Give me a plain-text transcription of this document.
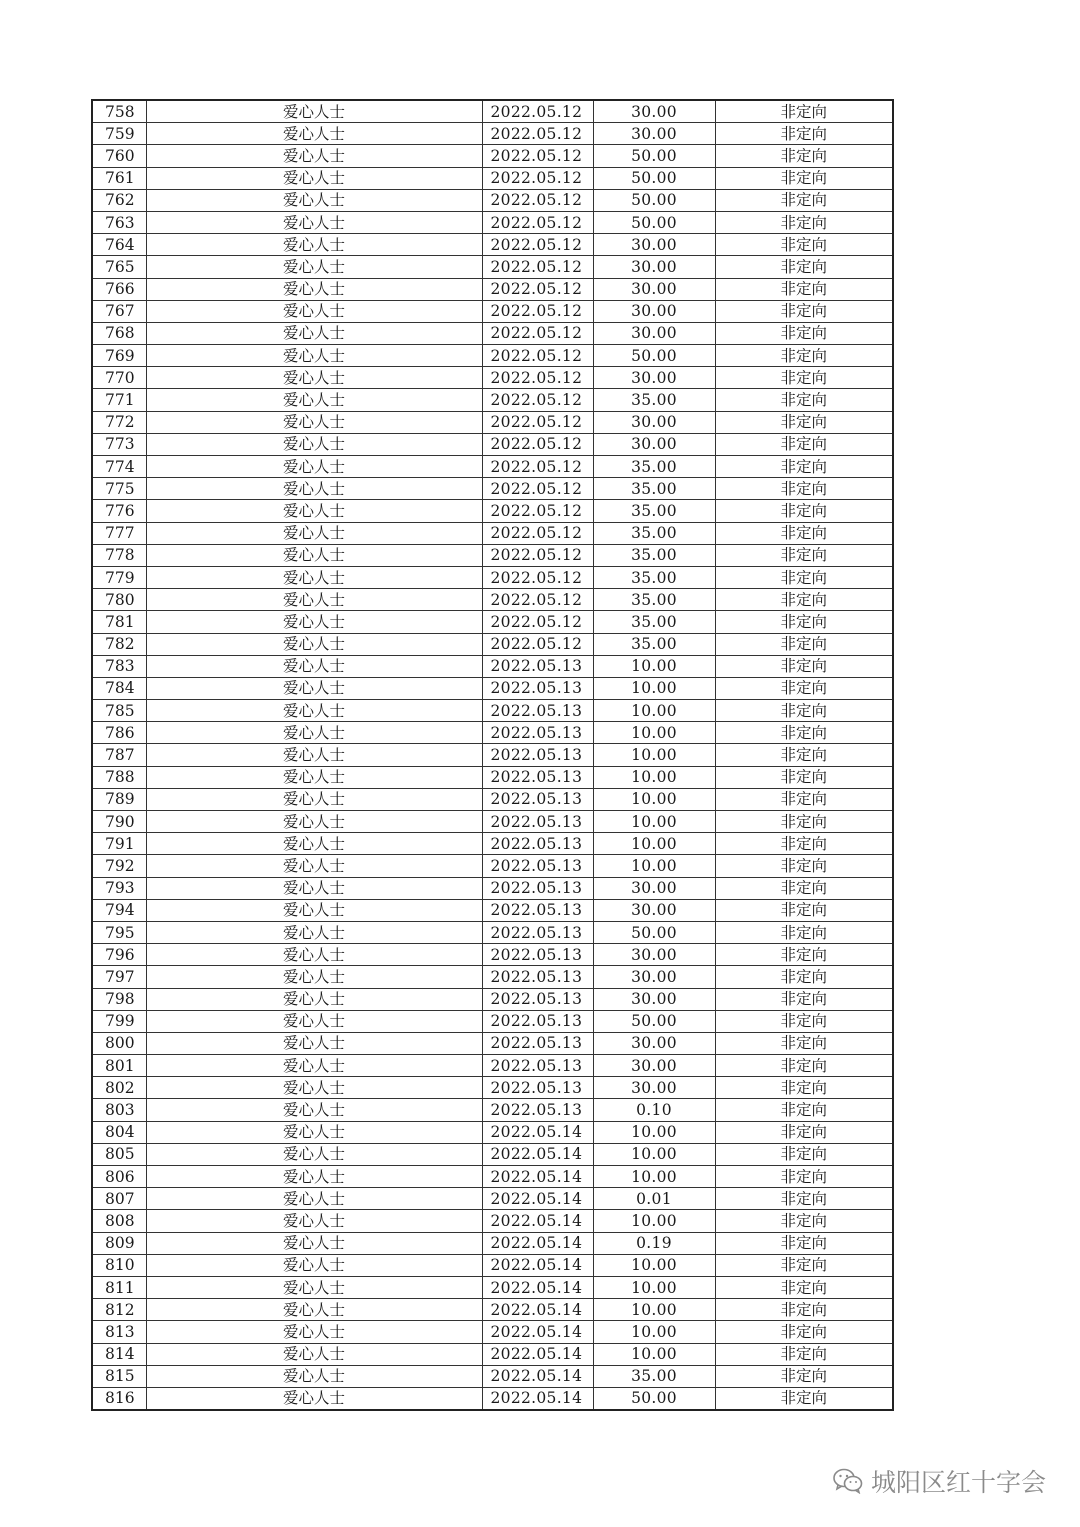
758	爱心人士	2022.05.12	30.00	非定向
759	爱心人士	2022.05.12	30.00	非定向
760	爱心人士	2022.05.12	50.00	非定向
761	爱心人士	2022.05.12	50.00	非定向
762	爱心人士	2022.05.12	50.00	非定向
763	爱心人士	2022.05.12	50.00	非定向
764	爱心人士	2022.05.12	30.00	非定向
765	爱心人士	2022.05.12	30.00	非定向
766	爱心人士	2022.05.12	30.00	非定向
767	爱心人士	2022.05.12	30.00	非定向
768	爱心人士	2022.05.12	30.00	非定向
769	爱心人士	2022.05.12	50.00	非定向
770	爱心人士	2022.05.12	30.00	非定向
771	爱心人士	2022.05.12	35.00	非定向
772	爱心人士	2022.05.12	30.00	非定向
773	爱心人士	2022.05.12	30.00	非定向
774	爱心人士	2022.05.12	35.00	非定向
775	爱心人士	2022.05.12	35.00	非定向
776	爱心人士	2022.05.12	35.00	非定向
777	爱心人士	2022.05.12	35.00	非定向
778	爱心人士	2022.05.12	35.00	非定向
779	爱心人士	2022.05.12	35.00	非定向
780	爱心人士	2022.05.12	35.00	非定向
781	爱心人士	2022.05.12	35.00	非定向
782	爱心人士	2022.05.12	35.00	非定向
783	爱心人士	2022.05.13	10.00	非定向
784	爱心人士	2022.05.13	10.00	非定向
785	爱心人士	2022.05.13	10.00	非定向
786	爱心人士	2022.05.13	10.00	非定向
787	爱心人士	2022.05.13	10.00	非定向
788	爱心人士	2022.05.13	10.00	非定向
789	爱心人士	2022.05.13	10.00	非定向
790	爱心人士	2022.05.13	10.00	非定向
791	爱心人士	2022.05.13	10.00	非定向
792	爱心人士	2022.05.13	10.00	非定向
793	爱心人士	2022.05.13	30.00	非定向
794	爱心人士	2022.05.13	30.00	非定向
795	爱心人士	2022.05.13	50.00	非定向
796	爱心人士	2022.05.13	30.00	非定向
797	爱心人士	2022.05.13	30.00	非定向
798	爱心人士	2022.05.13	30.00	非定向
799	爱心人士	2022.05.13	50.00	非定向
800	爱心人士	2022.05.13	30.00	非定向
801	爱心人士	2022.05.13	30.00	非定向
802	爱心人士	2022.05.13	30.00	非定向
803	爱心人士	2022.05.13	0.10	非定向
804	爱心人士	2022.05.14	10.00	非定向
805	爱心人士	2022.05.14	10.00	非定向
806	爱心人士	2022.05.14	10.00	非定向
807	爱心人士	2022.05.14	0.01	非定向
808	爱心人士	2022.05.14	10.00	非定向
809	爱心人士	2022.05.14	0.19	非定向
810	爱心人士	2022.05.14	10.00	非定向
811	爱心人士	2022.05.14	10.00	非定向
812	爱心人士	2022.05.14	10.00	非定向
813	爱心人士	2022.05.14	10.00	非定向
814	爱心人士	2022.05.14	10.00	非定向
815	爱心人士	2022.05.14	35.00	非定向
816	爱心人士	2022.05.14	50.00	非定向
城阳区红十字会
